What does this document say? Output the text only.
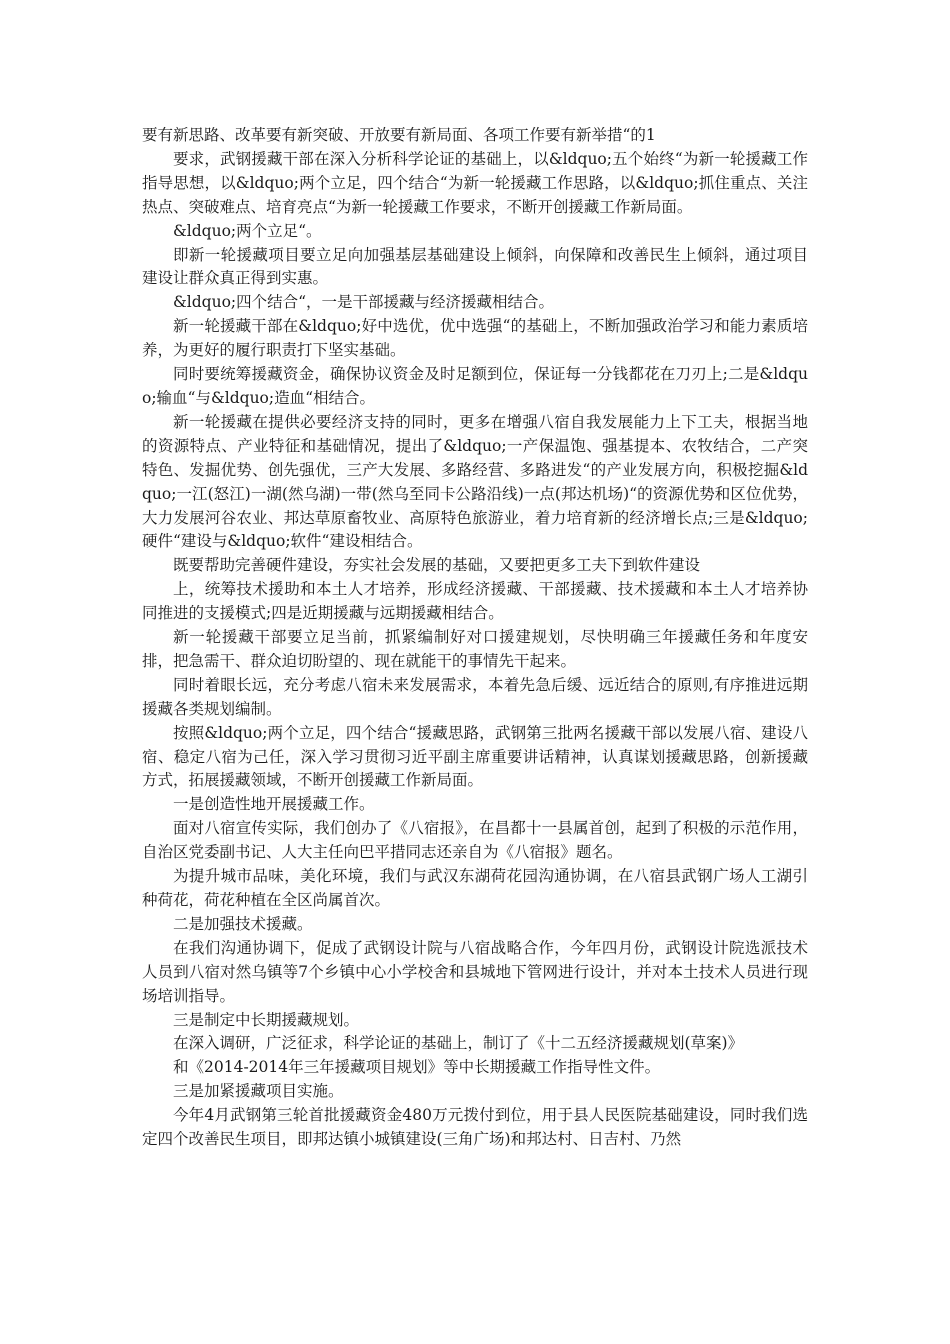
要有新思路、改革要有新突破、开放要有新局面、各项工作要有新举措“的1

要求，武钢援藏干部在深入分析科学论证的基础上，以&ldquo;五个始终“为新一轮援藏工作指导思想，以&ldquo;两个立足，四个结合“为新一轮援藏工作思路，以&ldquo;抓住重点、关注热点、突破难点、培育亮点“为新一轮援藏工作要求，不断开创援藏工作新局面。

&ldquo;两个立足“。

即新一轮援藏项目要立足向加强基层基础建设上倾斜，向保障和改善民生上倾斜，通过项目建设让群众真正得到实惠。

&ldquo;四个结合“，一是干部援藏与经济援藏相结合。

新一轮援藏干部在&ldquo;好中选优，优中选强“的基础上，不断加强政治学习和能力素质培养，为更好的履行职责打下坚实基础。

同时要统筹援藏资金，确保协议资金及时足额到位，保证每一分钱都花在刀刃上;二是&ldquo;输血“与&ldquo;造血“相结合。

新一轮援藏在提供必要经济支持的同时，更多在增强八宿自我发展能力上下工夫，根据当地的资源特点、产业特征和基础情况，提出了&ldquo;一产保温饱、强基提本、农牧结合，二产突特色、发掘优势、创先强优，三产大发展、多路经营、多路进发“的产业发展方向，积极挖掘&ldquo;一江(怒江)一湖(然乌湖)一带(然乌至同卡公路沿线)一点(邦达机场)“的资源优势和区位优势，大力发展河谷农业、邦达草原畜牧业、高原特色旅游业，着力培育新的经济增长点;三是&ldquo;硬件“建设与&ldquo;软件“建设相结合。

既要帮助完善硬件建设，夯实社会发展的基础，又要把更多工夫下到软件建设

上，统筹技术援助和本土人才培养，形成经济援藏、干部援藏、技术援藏和本土人才培养协同推进的支援模式;四是近期援藏与远期援藏相结合。

新一轮援藏干部要立足当前，抓紧编制好对口援建规划，尽快明确三年援藏任务和年度安排，把急需干、群众迫切盼望的、现在就能干的事情先干起来。

同时着眼长远，充分考虑八宿未来发展需求，本着先急后缓、远近结合的原则,有序推进远期援藏各类规划编制。

按照&ldquo;两个立足，四个结合“援藏思路，武钢第三批两名援藏干部以发展八宿、建设八宿、稳定八宿为己任，深入学习贯彻习近平副主席重要讲话精神，认真谋划援藏思路，创新援藏方式，拓展援藏领域，不断开创援藏工作新局面。

一是创造性地开展援藏工作。

面对八宿宣传实际，我们创办了《八宿报》，在昌都十一县属首创，起到了积极的示范作用，自治区党委副书记、人大主任向巴平措同志还亲自为《八宿报》题名。

为提升城市品味，美化环境，我们与武汉东湖荷花园沟通协调，在八宿县武钢广场人工湖引种荷花，荷花种植在全区尚属首次。

二是加强技术援藏。

在我们沟通协调下，促成了武钢设计院与八宿战略合作，今年四月份，武钢设计院选派技术人员到八宿对然乌镇等7个乡镇中心小学校舍和县城地下管网进行设计，并对本土技术人员进行现场培训指导。

三是制定中长期援藏规划。

在深入调研，广泛征求，科学论证的基础上，制订了《十二五经济援藏规划(草案)》

和《2014-2014年三年援藏项目规划》等中长期援藏工作指导性文件。

三是加紧援藏项目实施。

今年4月武钢第三轮首批援藏资金480万元拨付到位，用于县人民医院基础建设，同时我们选定四个改善民生项目，即邦达镇小城镇建设(三角广场)和邦达村、日吉村、乃然
